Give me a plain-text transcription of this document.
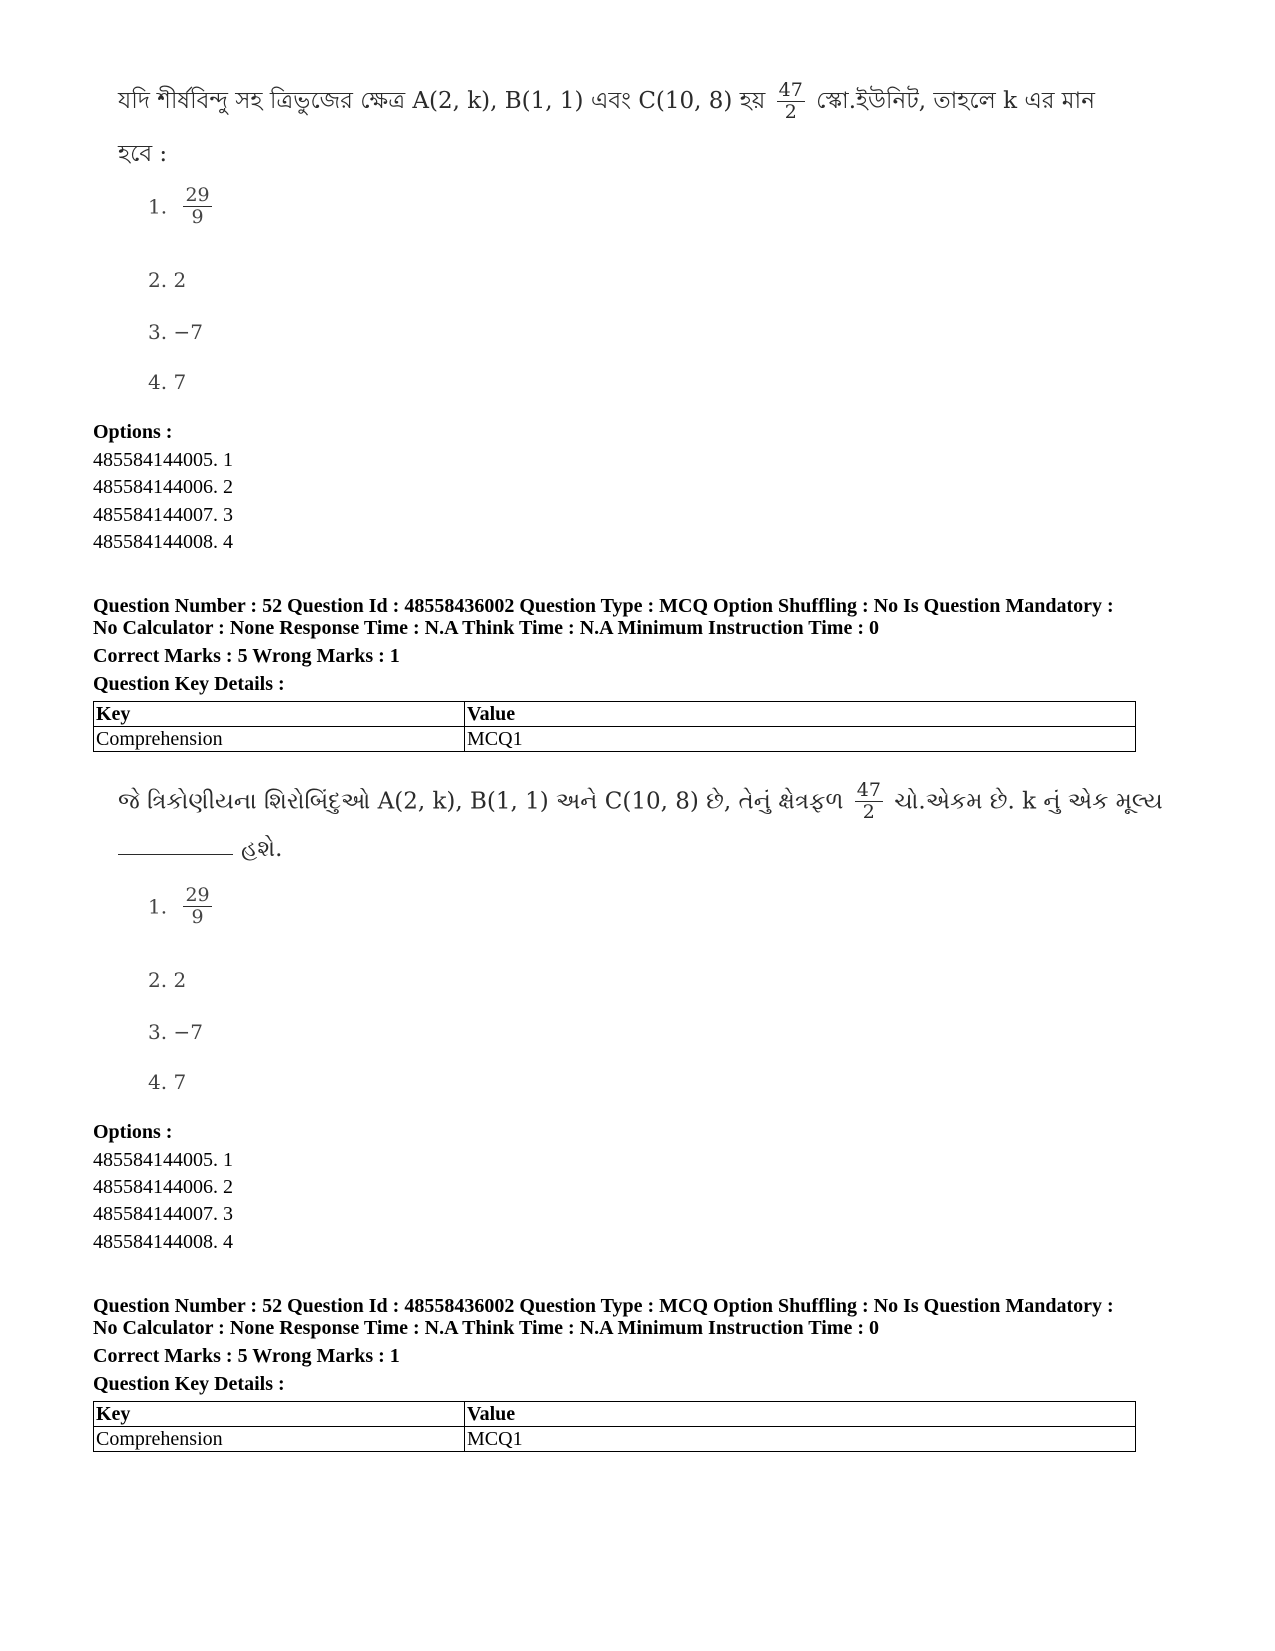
যদি শীর্ষবিন্দু সহ ত্রিভুজের ক্ষেত্র A(2, k), B(1, 1) এবং C(10, 8) হয় $\frac{47}{2}$ স্কো.ইউনিট, তাহলে k এর মান
হবে :
1. $\frac{29}{9}$
2. 2
3. −7
4. 7
Options :
485584144005. 1
485584144006. 2
485584144007. 3
485584144008. 4
Question Number : 52 Question Id : 48558436002 Question Type : MCQ Option Shuffling : No Is Question Mandatory :
No Calculator : None Response Time : N.A Think Time : N.A Minimum Instruction Time : 0
Correct Marks : 5 Wrong Marks : 1
Question Key Details :
Key	Value
Comprehension	MCQ1
જે ત્રિકોણીયના શિરોબિંદુઓ A(2, k), B(1, 1) અને C(10, 8) છે, તેનું ક્ષેત્રફળ $\frac{47}{2}$ ચો.એકમ છે. k નું એક મૂલ્ય
હશે.
1. $\frac{29}{9}$
2. 2
3. −7
4. 7
Options :
485584144005. 1
485584144006. 2
485584144007. 3
485584144008. 4
Question Number : 52 Question Id : 48558436002 Question Type : MCQ Option Shuffling : No Is Question Mandatory :
No Calculator : None Response Time : N.A Think Time : N.A Minimum Instruction Time : 0
Correct Marks : 5 Wrong Marks : 1
Question Key Details :
Key	Value
Comprehension	MCQ1
